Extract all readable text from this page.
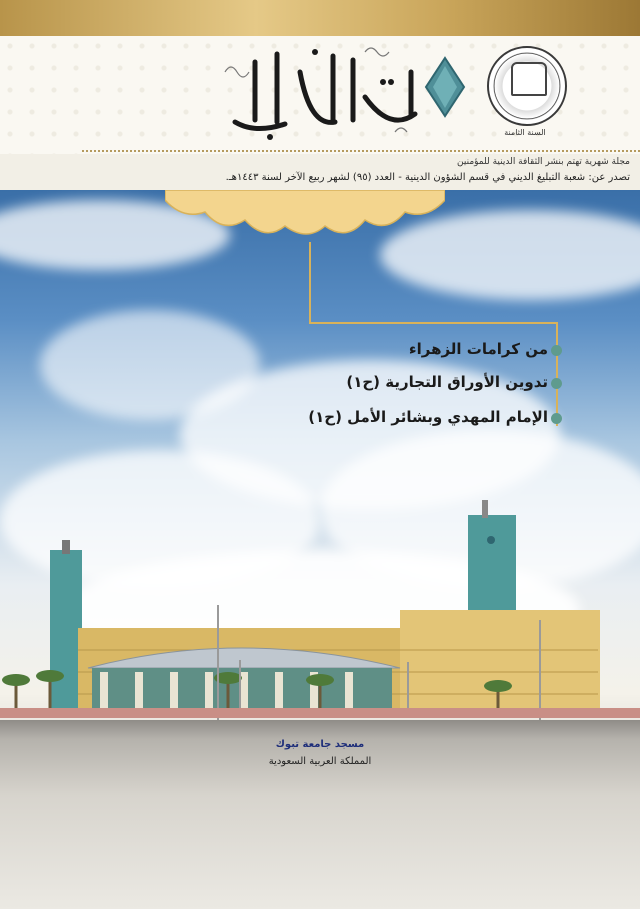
السنة الثامنة
مجلة شهرية تهتم بنشر الثقافة الدينية للمؤمنين
تصدر عن: شعبة التبليغ الديني في قسم الشؤون الدينية - العدد (٩٥) لشهر ربيع الآخر لسنة ١٤٤٣هـ.
من كرامات الزهراء
تدوين الأوراق التجارية (ح١)
الإمام المهدي وبشائر الأمل (ح١)
مسجد جامعة تبوك
المملكة العربية السعودية
